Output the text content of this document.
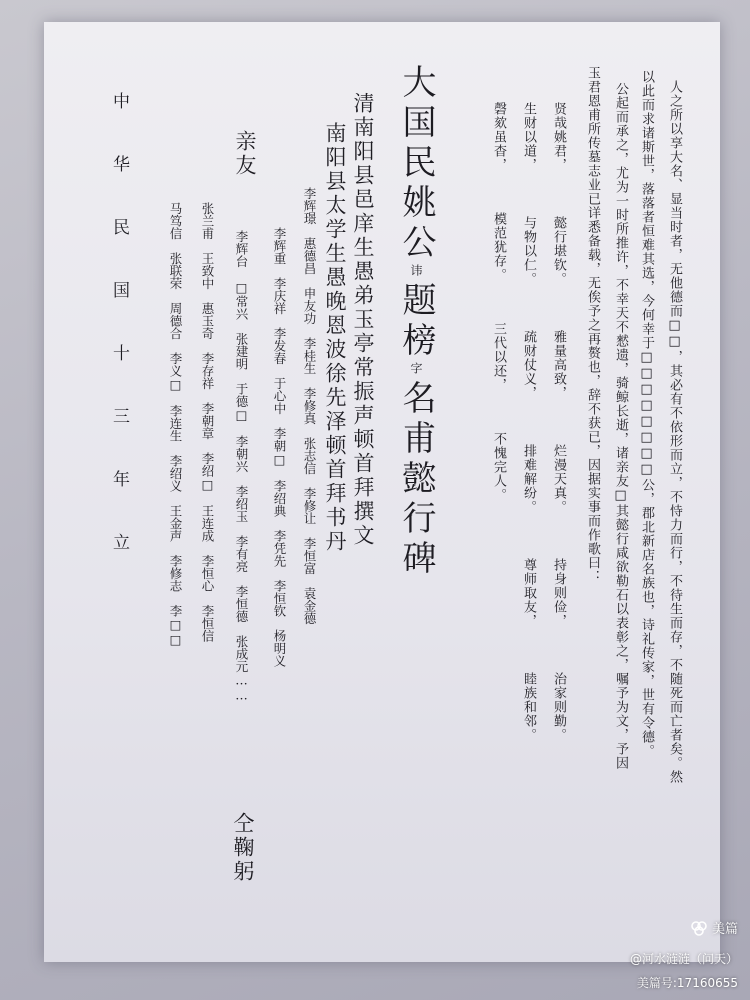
人之所以享大名、显当时者，无他德而□□，其必有不依形而立，不恃力而行，不待生而存，不随死而亡者矣。然
以此而求诸斯世，落落者恒难其选，今何幸于□□□□□□□□公，郡北新店名族也，诗礼传家，世有令德。
公起而承之，尤为一时所推许，不幸天不憖遗，骑鲸长逝，诸亲友□其懿行咸欲勒石以表彰之，嘱予为文，予因
玉君恩甫所传墓志业已详悉备载，无俟予之再赘也，辞不获已，因据实事而作歌曰：
贤哉姚君，
懿行堪钦。
雅量高致，
烂漫天真。
持身则俭，
治家则勤。
生财以道，
与物以仁。
疏财仗义，
排难解纷。
尊师取友，
睦族和邻。
磬欬虽杳，
模范犹存。
三代以还，
不愧完人。
大国民姚公讳题榜字名甫懿行碑
清南阳县邑庠生愚弟玉亭常振声顿首拜撰文
南阳县太学生愚晚恩波徐先泽顿首拜书丹
亲友
李辉璟　惠德昌　申友功　李桂生　李修真　张志信　李修让　李恒富　袁金德
李辉重　李庆祥　李发春　于心中　李朝□　李绍典　李凭先　李恒钦　杨明义
李辉台　□常兴　张建明　于德□　李朝兴　李绍玉　李有亮　李恒德　张成元……
张兰甫　王致中　惠玉奇　李存祥　李朝章　李绍□　王连成　李恒心　李恒信
马笃信　张联荣　周德合　李义□　李连生　李绍义　王金声　李修志　李□□
仝鞠躬
中华民国十三年立
美篇
@河水涟涟（问天）
美篇号:17160655
